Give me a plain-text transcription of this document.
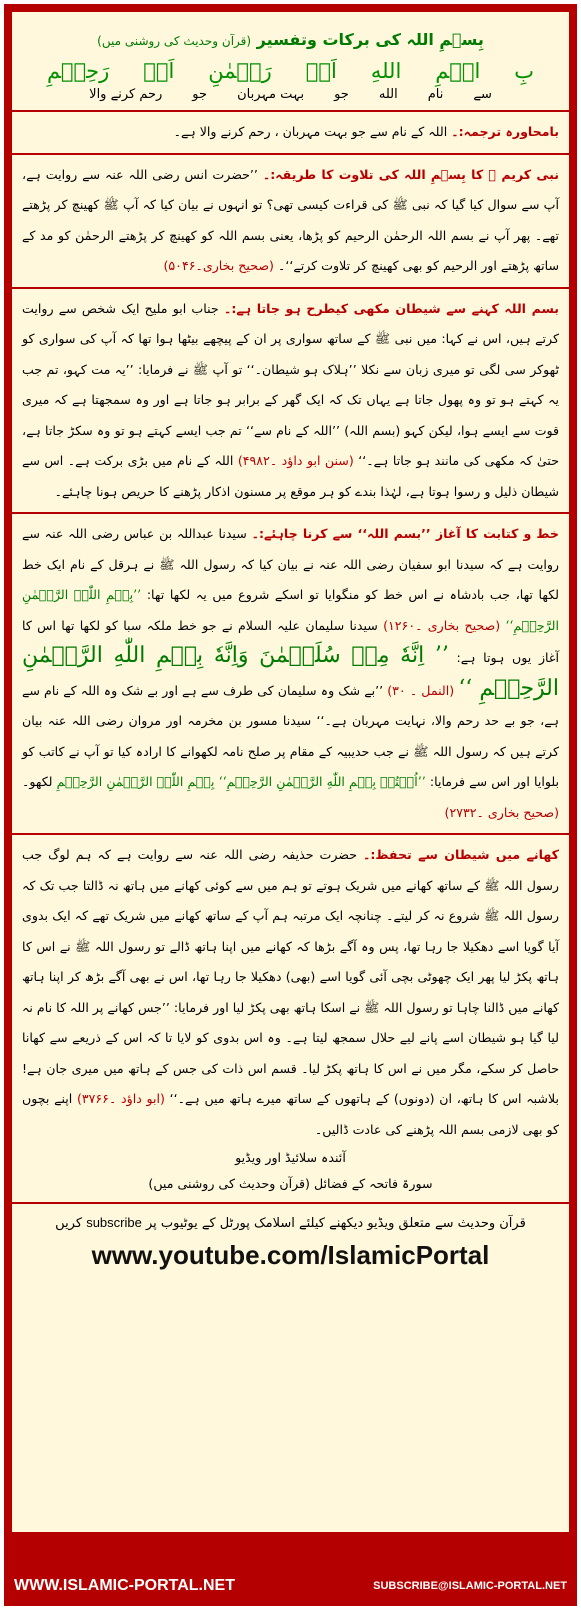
بِسۡمِ اللہ کی برکات وتفسیر (قرآن وحدیث کی روشنی میں)

بِ
اسۡمِ
اللهِ
اَلۡ
رَحۡمٰنِ
اَلۡ
رَحِیۡمِ
سے
نام
الله
جو
بہت مہربان
جو
رحم کرنے والا

بامحاورہ ترجمہ:۔ اللہ کے نام سے جو بہت مہربان ، رحم کرنے والا ہے۔

نبی کریم ﷺ کا بِسۡمِ اللہ کی تلاوت کا طریقہ:۔ ’’حضرت انس رضی اللہ عنہ سے روایت ہے، آپ سے سوال کیا گیا کہ نبی ﷺ کی قراءت کیسی تھی؟ تو انہوں نے بیان کیا کہ آپ ﷺ کھینچ کر پڑھتے تھے۔ پھر آپ نے بسم اللہ الرحمٰن الرحیم کو پڑھا، یعنی بسم اللہ کو کھینچ کر پڑھتے الرحمٰن کو مد کے ساتھ پڑھتے اور الرحیم کو بھی کھینچ کر تلاوت کرتے‘‘۔ (صحیح بخاری۔۵۰۴۶)

بسم اللہ کہنے سے شیطان مکھی کیطرح ہو جاتا ہے:۔ جناب ابو ملیح ایک شخص سے روایت کرتے ہیں، اس نے کہا: میں نبی ﷺ کے ساتھ سواری پر ان کے پیچھے بیٹھا ہوا تھا کہ آپ کی سواری کو ٹھوکر سی لگی تو میری زبان سے نکلا ’’ہلاک ہو شیطان۔‘‘ تو آپ ﷺ نے فرمایا: ’’یہ مت کہو، تم جب یہ کہتے ہو تو وہ پھول جاتا ہے یہاں تک کہ ایک گھر کے برابر ہو جاتا ہے اور وہ سمجھتا ہے کہ میری قوت سے ایسے ہوا، لیکن کہو (بسم اللہ) ’’اللہ کے نام سے‘‘ تم جب ایسے کہتے ہو تو وہ سکڑ جاتا ہے، حتیٰ کہ مکھی کی مانند ہو جاتا ہے۔‘‘ (سنن ابو داؤد ۔۴۹۸۲) اللہ کے نام میں بڑی برکت ہے۔ اس سے شیطان ذلیل و رسوا ہوتا ہے، لہٰذا بندے کو ہر موقع پر مسنون اذکار پڑھنے کا حریص ہونا چاہئے۔

خط و کتابت کا آغاز ’’بسم اللہ‘‘ سے کرنا چاہئے:۔ سیدنا عبداللہ بن عباس رضی اللہ عنہ سے روایت ہے کہ سیدنا ابو سفیان رضی اللہ عنہ نے بیان کیا کہ رسول اللہ ﷺ نے ہرقل کے نام ایک خط لکھا تھا، جب بادشاہ نے اس خط کو منگوایا تو اسکے شروع میں یہ لکھا تھا: ’’بِسۡمِ اللّٰہِ الرَّحۡمٰنِ الرَّحِیۡمِ‘‘ (صحیح بخاری ۔۱۲۶۰) سیدنا سلیمان علیہ السلام نے جو خط ملکہ سبا کو لکھا تھا اس کا آغاز یوں ہوتا ہے: ’’ اِنَّهٗ مِنۡ سُلَيۡمٰنَ وَاِنَّهٗ بِسۡمِ اللّٰهِ الرَّحۡمٰنِ الرَّحِيۡمِ ‘‘ (النمل ۔ ۳۰) ’’بے شک وہ سلیمان کی طرف سے ہے اور بے شک وہ اللہ کے نام سے ہے، جو بے حد رحم والا، نہایت مہربان ہے۔‘‘ سیدنا مسور بن مخرمہ اور مروان رضی اللہ عنہ بیان کرتے ہیں کہ رسول اللہ ﷺ نے جب حدیبیہ کے مقام پر صلح نامہ لکھوانے کا ارادہ کیا تو آپ نے کاتب کو بلوایا اور اس سے فرمایا: ’’اُكۡتُبۡ بِسۡمِ اللّٰهِ الرَّحۡمٰنِ الرَّحِيۡمِ‘‘ بِسۡمِ اللّٰہِ الرَّحۡمٰنِ الرَّحِیۡمِ لکھو۔ (صحیح بخاری ۔۲۷۳۲)

کھانے میں شیطان سے تحفظ:۔ حضرت حذیفہ رضی اللہ عنہ سے روایت ہے کہ ہم لوگ جب رسول اللہ ﷺ کے ساتھ کھانے میں شریک ہوتے تو ہم میں سے کوئی کھانے میں ہاتھ نہ ڈالتا جب تک کہ رسول اللہ ﷺ شروع نہ کر لیتے۔ چنانچہ ایک مرتبہ ہم آپ کے ساتھ کھانے میں شریک تھے کہ ایک بدوی آیا گویا اسے دھکیلا جا رہا تھا، پس وہ آگے بڑھا کہ کھانے میں اپنا ہاتھ ڈالے تو رسول اللہ ﷺ نے اس کا ہاتھ پکڑ لیا پھر ایک چھوٹی بچی آئی گویا اسے (بھی) دھکیلا جا رہا تھا، اس نے بھی آگے بڑھ کر اپنا ہاتھ کھانے میں ڈالنا چاہا تو رسول اللہ ﷺ نے اسکا ہاتھ بھی پکڑ لیا اور فرمایا: ’’جس کھانے پر اللہ کا نام نہ لیا گیا ہو شیطان اسے پانے لیے حلال سمجھ لیتا ہے۔ وہ اس بدوی کو لایا تا کہ اس کے ذریعے سے کھانا حاصل کر سکے، مگر میں نے اس کا ہاتھ پکڑ لیا۔ قسم اس ذات کی جس کے ہاتھ میں میری جان ہے! بلاشبہ اس کا ہاتھ، ان (دونوں) کے ہاتھوں کے ساتھ میرے ہاتھ میں ہے۔‘‘ (ابو داؤد ۔۳۷۶۶) اپنے بچوں کو بھی لازمی بسم اللہ پڑھنے کی عادت ڈالیں۔

آئندہ سلائیڈ اور ویڈیو

سورۃ فاتحہ کے فضائل (قرآن وحدیث کی روشنی میں)

قرآن وحدیث سے متعلق ویڈیو دیکھنے کیلئے اسلامک پورٹل کے یوٹیوب پر subscribe کریں

www.youtube.com/IslamicPortal

WWW.ISLAMIC-PORTAL.NET	SUBSCRIBE@ISLAMIC-PORTAL.NET
